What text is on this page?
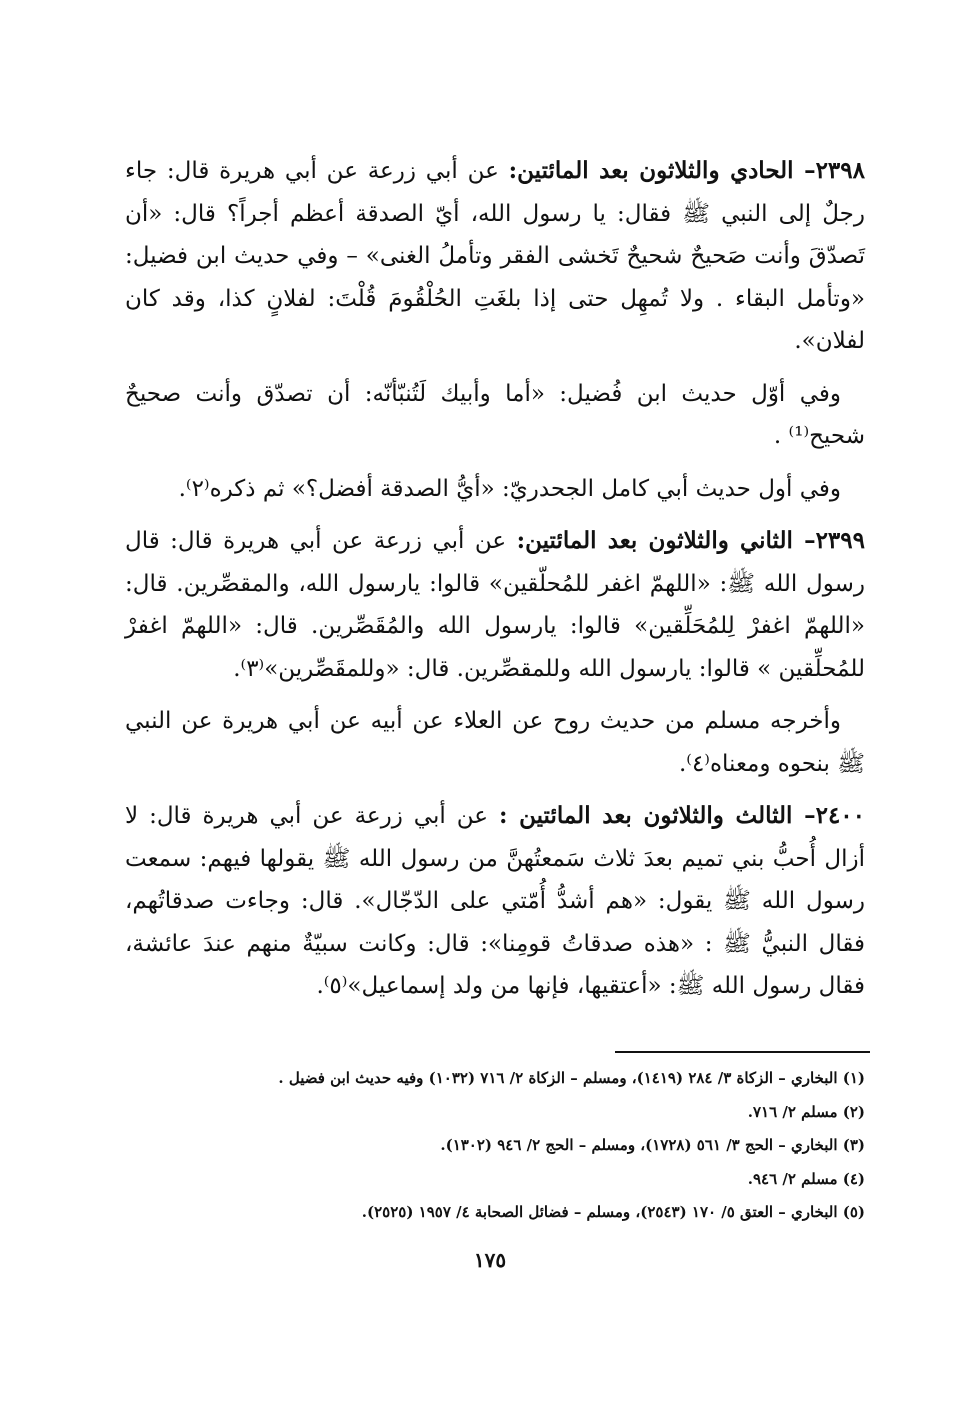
٢٣٩٨– الحادي والثلاثون بعد المائتين: عن أبي زرعة عن أبي هريرة قال: جاء رجلٌ إلى النبي ﷺ فقال: يا رسول الله، أيّ الصدقة أعظم أجراً؟ قال: «أن تَصدّقَ وأنت صَحيحٌ شحيحٌ تَخشى الفقر وتأملُ الغنى» – وفي حديث ابن فضيل: «وتأمل البقاء . ولا تُمهِل حتى إذا بلغَتِ الحُلْقُومَ قُلْتَ: لفلانٍ كذا، وقد كان لفلان».

وفي أوّل حديث ابن فُضيل: «أما وأبيك لَتُنبّأنّه: أن تصدّق وأنت صحيحٌ شحيح⁽¹⁾ .

وفي أول حديث أبي كامل الجحدريّ: «أيُّ الصدقة أفضل؟» ثم ذكره⁽٢⁾.

٢٣٩٩– الثاني والثلاثون بعد المائتين: عن أبي زرعة عن أبي هريرة قال: قال رسول الله ﷺ: «اللهمّ اغفر للمُحلّقين» قالوا: يارسول الله، والمقصِّرين. قال: «اللهمّ اغفرْ لِلمُحَلِّقين» قالوا: يارسول الله والمُقَصِّرين. قال: «اللهمّ اغفرْ للمُحلِّقين » قالوا: يارسول الله وللمقصِّرين. قال: «وللمقَصِّرين»⁽٣⁾.

وأخرجه مسلم من حديث روح عن العلاء عن أبيه عن أبي هريرة عن النبي ﷺ بنحوه ومعناه⁽٤⁾.

٢٤٠٠– الثالث والثلاثون بعد المائتين : عن أبي زرعة عن أبي هريرة قال: لا أزال أُحبُّ بني تميم بعدَ ثلاث سَمعتُهنَّ من رسول الله ﷺ يقولها فيهم: سمعت رسول الله ﷺ يقول: «هم أشدُّ أُمّتي على الدّجّال». قال: وجاءت صدقاتُهم، فقال النبيُّ ﷺ : «هذه صدقاتُ قومِنا»: قال: وكانت سبيّةٌ منهم عندَ عائشة، فقال رسول الله ﷺ: «أعتقيها، فإنها من ولد إسماعيل»⁽٥⁾.

(١) البخاري – الزكاة ٣/ ٢٨٤ (١٤١٩)، ومسلم – الزكاة ٢/ ٧١٦ (١٠٣٢) وفيه حديث ابن فضيل .

(٢) مسلم ٢/ ٧١٦.

(٣) البخاري – الحج ٣/ ٥٦١ (١٧٢٨)، ومسلم – الحج ٢/ ٩٤٦ (١٣٠٢).

(٤) مسلم ٢/ ٩٤٦.

(٥) البخاري – العتق ٥/ ١٧٠ (٢٥٤٣)، ومسلم – فضائل الصحابة ٤/ ١٩٥٧ (٢٥٢٥).

١٧٥
